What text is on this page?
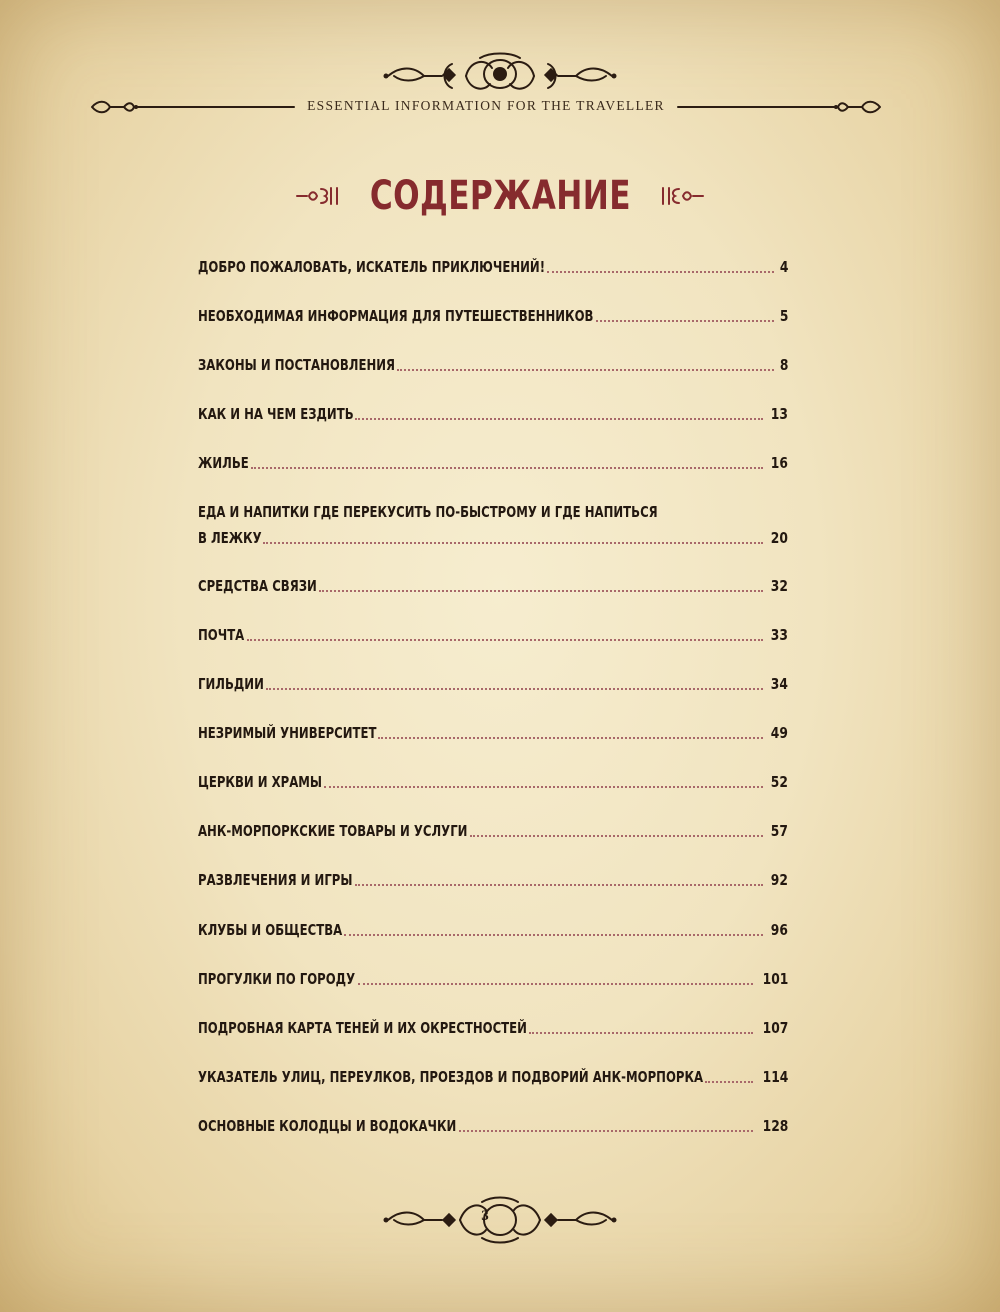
ESSENTIAL INFORMATION FOR THE TRAVELLER
СОДЕРЖАНИЕ
ДОБРО ПОЖАЛОВАТЬ, ИСКАТЕЛЬ ПРИКЛЮЧЕНИЙ!	4
НЕОБХОДИМАЯ ИНФОРМАЦИЯ ДЛЯ ПУТЕШЕСТВЕННИКОВ	5
ЗАКОНЫ И ПОСТАНОВЛЕНИЯ	8
КАК И НА ЧЕМ ЕЗДИТЬ	13
ЖИЛЬЕ	16
ЕДА И НАПИТКИ ГДЕ ПЕРЕКУСИТЬ ПО-БЫСТРОМУ И ГДЕ НАПИТЬСЯ
В ЛЕЖКУ	20
СРЕДСТВА СВЯЗИ	32
ПОЧТА	33
ГИЛЬДИИ	34
НЕЗРИМЫЙ УНИВЕРСИТЕТ	49
ЦЕРКВИ И ХРАМЫ	52
АНК-МОРПОРКСКИЕ ТОВАРЫ И УСЛУГИ	57
РАЗВЛЕЧЕНИЯ И ИГРЫ	92
КЛУБЫ И ОБЩЕСТВА	96
ПРОГУЛКИ ПО ГОРОДУ	101
ПОДРОБНАЯ КАРТА ТЕНЕЙ И ИХ ОКРЕСТНОСТЕЙ	107
УКАЗАТЕЛЬ УЛИЦ, ПЕРЕУЛКОВ, ПРОЕЗДОВ И ПОДВОРИЙ АНК-МОРПОРКА	114
ОСНОВНЫЕ КОЛОДЦЫ И ВОДОКАЧКИ	128
3
